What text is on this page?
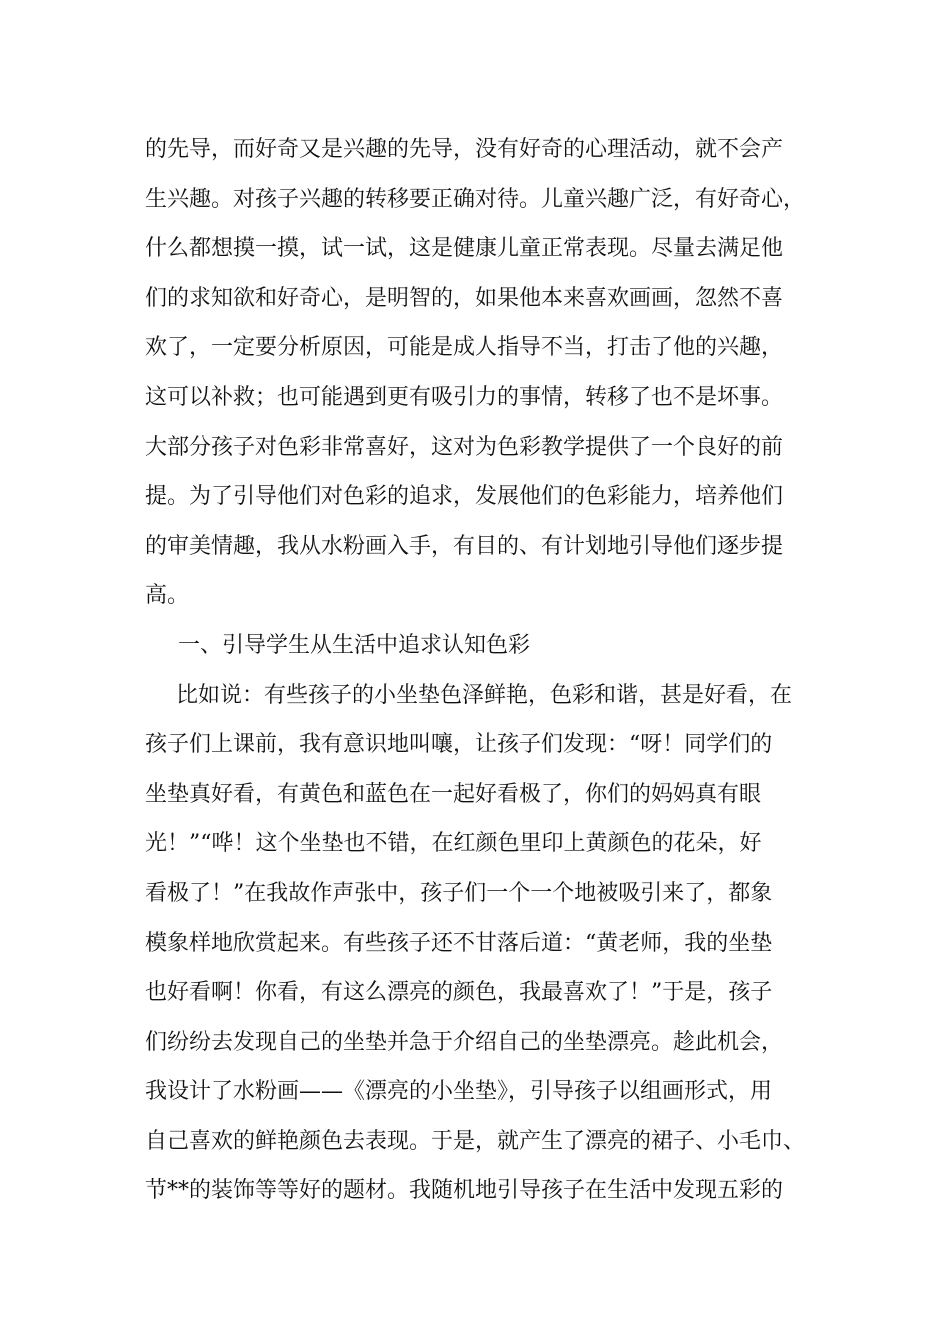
的先导，而好奇又是兴趣的先导，没有好奇的心理活动，就不会产
生兴趣。对孩子兴趣的转移要正确对待。儿童兴趣广泛，有好奇心，
什么都想摸一摸，试一试，这是健康儿童正常表现。尽量去满足他
们的求知欲和好奇心，是明智的，如果他本来喜欢画画，忽然不喜
欢了，一定要分析原因，可能是成人指导不当，打击了他的兴趣，
这可以补救；也可能遇到更有吸引力的事情，转移了也不是坏事。
大部分孩子对色彩非常喜好，这对为色彩教学提供了一个良好的前
提。为了引导他们对色彩的追求，发展他们的色彩能力，培养他们
的审美情趣，我从水粉画入手，有目的、有计划地引导他们逐步提
高。
一、引导学生从生活中追求认知色彩
比如说：有些孩子的小坐垫色泽鲜艳，色彩和谐，甚是好看，在
孩子们上课前，我有意识地叫嚷，让孩子们发现：“呀！同学们的
坐垫真好看，有黄色和蓝色在一起好看极了，你们的妈妈真有眼
光！”“哗！这个坐垫也不错，在红颜色里印上黄颜色的花朵，好
看极了！”在我故作声张中，孩子们一个一个地被吸引来了，都象
模象样地欣赏起来。有些孩子还不甘落后道：“黄老师，我的坐垫
也好看啊！你看，有这么漂亮的颜色，我最喜欢了！”于是，孩子
们纷纷去发现自己的坐垫并急于介绍自己的坐垫漂亮。趁此机会，
我设计了水粉画——《漂亮的小坐垫》，引导孩子以组画形式，用
自己喜欢的鲜艳颜色去表现。于是，就产生了漂亮的裙子、小毛巾、
节**的装饰等等好的题材。我随机地引导孩子在生活中发现五彩的
